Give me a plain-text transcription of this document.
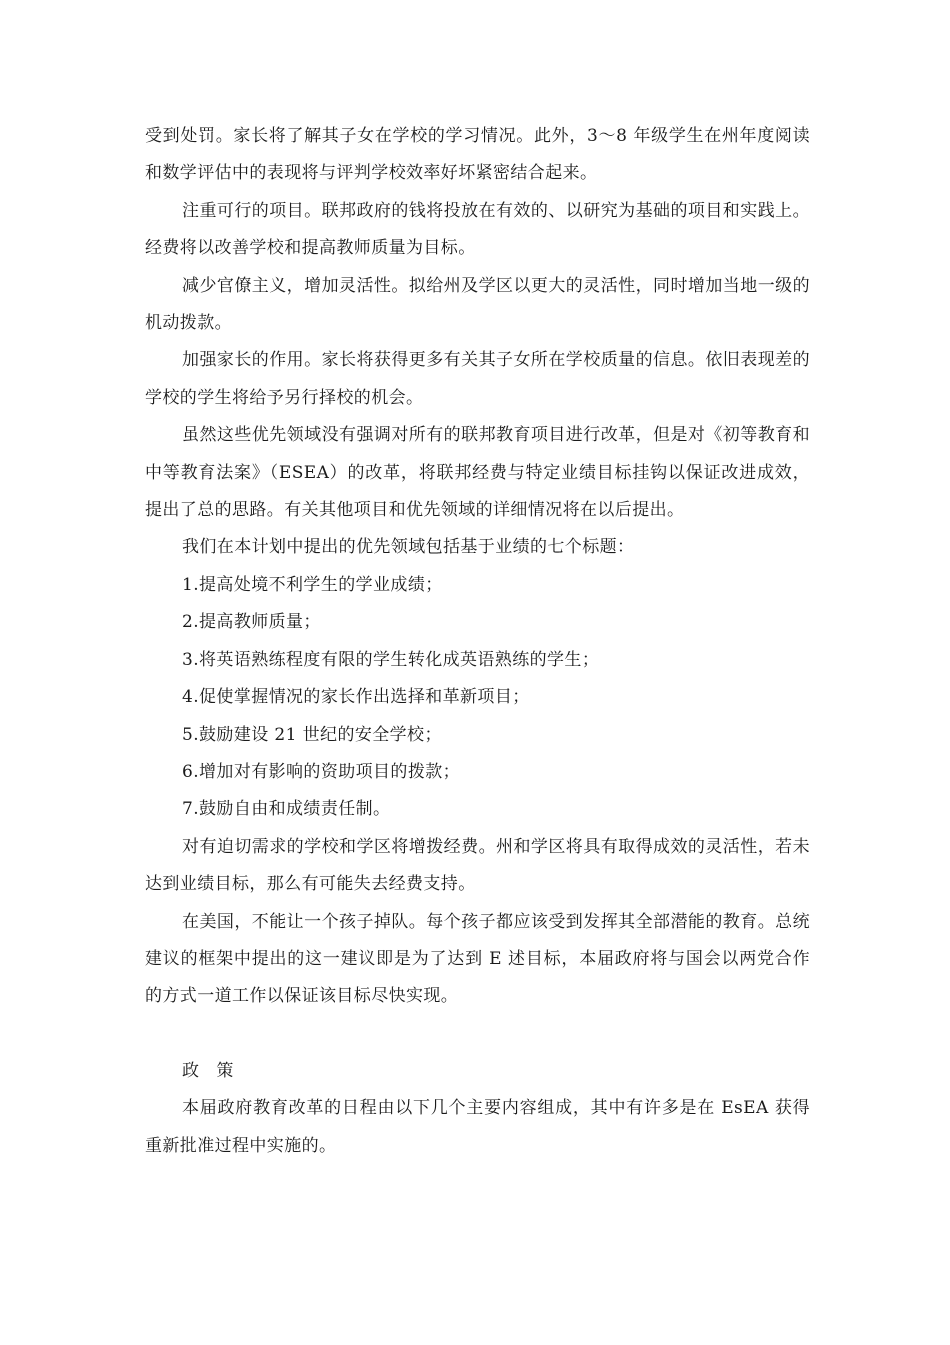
受到处罚。家长将了解其子女在学校的学习情况。此外，3～8 年级学生在州年度阅读和数学评估中的表现将与评判学校效率好坏紧密结合起来。

注重可行的项目。联邦政府的钱将投放在有效的、以研究为基础的项目和实践上。经费将以改善学校和提高教师质量为目标。

减少官僚主义，增加灵活性。拟给州及学区以更大的灵活性，同时增加当地一级的机动拨款。

加强家长的作用。家长将获得更多有关其子女所在学校质量的信息。依旧表现差的学校的学生将给予另行择校的机会。

虽然这些优先领域没有强调对所有的联邦教育项目进行改革，但是对《初等教育和中等教育法案》（ESEA）的改革，将联邦经费与特定业绩目标挂钩以保证改进成效，提出了总的思路。有关其他项目和优先领域的详细情况将在以后提出。

我们在本计划中提出的优先领域包括基于业绩的七个标题：

1.提高处境不利学生的学业成绩；

2.提高教师质量；

3.将英语熟练程度有限的学生转化成英语熟练的学生；

4.促使掌握情况的家长作出选择和革新项目；

5.鼓励建设 21 世纪的安全学校；

6.增加对有影响的资助项目的拨款；

7.鼓励自由和成绩责任制。

对有迫切需求的学校和学区将增拨经费。州和学区将具有取得成效的灵活性，若未达到业绩目标，那么有可能失去经费支持。

在美国，不能让一个孩子掉队。每个孩子都应该受到发挥其全部潜能的教育。总统建议的框架中提出的这一建议即是为了达到 E 述目标，本届政府将与国会以两党合作的方式一道工作以保证该目标尽快实现。

政 策

本届政府教育改革的日程由以下几个主要内容组成，其中有许多是在 EsEA 获得重新批准过程中实施的。
